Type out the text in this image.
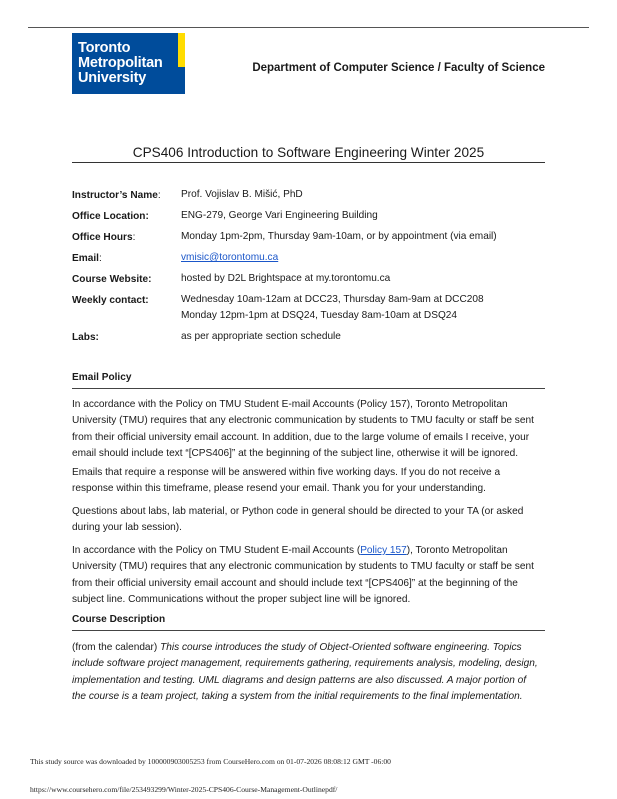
Toronto
Metropolitan
University
Department of Computer Science / Faculty of Science
CPS406 Introduction to Software Engineering Winter 2025
Instructor’s Name: Prof. Vojislav B. Mišić, PhD
Office Location:	ENG-279, George Vari Engineering Building
Office Hours:	Monday 1pm-2pm, Thursday 9am-10am, or by appointment (via email)
Email:	vmisic@torontomu.ca
Course Website:	hosted by D2L Brightspace at my.torontomu.ca
Weekly contact:	Wednesday 10am-12am at DCC23, Thursday 8am-9am at DCC208
Monday 12pm-1pm at DSQ24, Tuesday 8am-10am at DSQ24
Labs:	as per appropriate section schedule
Email Policy
In accordance with the Policy on TMU Student E-mail Accounts (Policy 157), Toronto Metropolitan
University (TMU) requires that any electronic communication by students to TMU faculty or staff be sent
from their official university email account. In addition, due to the large volume of emails I receive, your
email should include text “[CPS406]” at the beginning of the subject line, otherwise it will be ignored.
Emails that require a response will be answered within five working days. If you do not receive a
response within this timeframe, please resend your email. Thank you for your understanding.
Questions about labs, lab material, or Python code in general should be directed to your TA (or asked
during your lab session).
In accordance with the Policy on TMU Student E-mail Accounts (Policy 157), Toronto Metropolitan
University (TMU) requires that any electronic communication by students to TMU faculty or staff be sent
from their official university email account and should include text “[CPS406]” at the beginning of the
subject line. Communications without the proper subject line will be ignored.
Course Description
(from the calendar) This course introduces the study of Object-Oriented software engineering. Topics
include software project management, requirements gathering, requirements analysis, modeling, design,
implementation and testing. UML diagrams and design patterns are also discussed. A major portion of
the course is a team project, taking a system from the initial requirements to the final implementation.
This study source was downloaded by 100000903005253 from CourseHero.com on 01-07-2026 08:08:12 GMT -06:00
https://www.coursehero.com/file/253493299/Winter-2025-CPS406-Course-Management-Outlinepdf/
